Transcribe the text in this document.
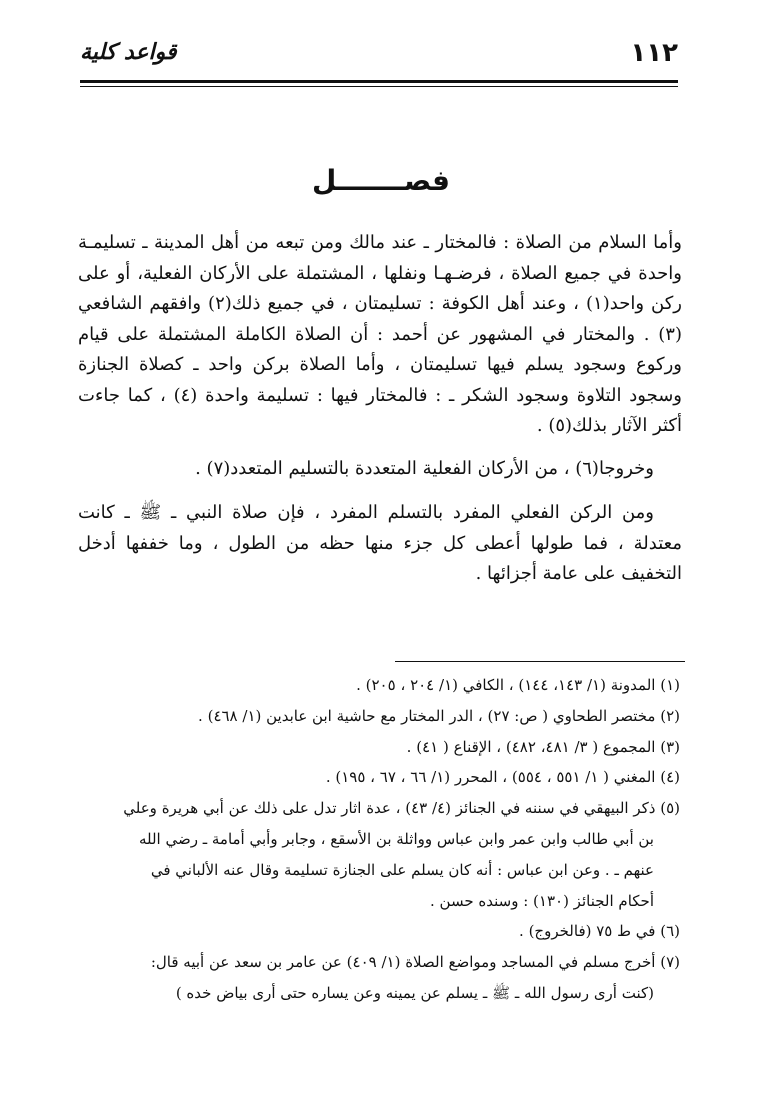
١١٢
قواعد كلية
فصـــــــل

وأما السلام من الصلاة : فالمختار ـ عند مالك ومن تبعه من أهل المدينة ـ تسليمـة واحدة في جميع الصلاة ، فرضـهـا ونفلها ، المشتملة على الأركان الفعلية، أو على ركن واحد(١) ، وعند أهل الكوفة : تسليمتان ، في جميع ذلك(٢) وافقهم الشافعي (٣) . والمختار في المشهور عن أحمد : أن الصلاة الكاملة المشتملة على قيام وركوع وسجود يسلم فيها تسليمتان ، وأما الصلاة بركن واحد ـ كصلاة الجنازة وسجود التلاوة وسجود الشكر ـ : فالمختار فيها : تسليمة واحدة (٤) ، كما جاءت أكثر الآثار بذلك(٥) .

وخروجا(٦) ، من الأركان الفعلية المتعددة بالتسليم المتعدد(٧) .

ومن الركن الفعلي المفرد بالتسلم المفرد ، فإن صلاة النبي ـ ﷺ ـ كانت معتدلة ، فما طولها أعطى كل جزء منها حظه من الطول ، وما خففها أدخل التخفيف على عامة أجزائها .

(١) المدونة (١/ ١٤٣، ١٤٤) ، الكافي (١/ ٢٠٤ ، ٢٠٥) .

(٢) مختصر الطحاوي ( ص: ٢٧) ، الدر المختار مع حاشية ابن عابدين (١/ ٤٦٨) .

(٣) المجموع ( ٣/ ٤٨١، ٤٨٢) ، الإقناع ( ٤١) .

(٤) المغني ( ١/ ٥٥١ ، ٥٥٤) ، المحرر (١/ ٦٦ ، ٦٧ ، ١٩٥) .

(٥) ذكر البيهقي في سننه في الجنائز (٤/ ٤٣) ، عدة اثار تدل على ذلك عن أبي هريرة وعلي

بن أبي طالب وابن عمر وابن عباس وواثلة بن الأسقع ، وجابر وأبي أمامة ـ رضي الله

عنهم ـ . وعن ابن عباس : أنه كان يسلم على الجنازة تسليمة وقال عنه الألباني في

أحكام الجنائز (١٣٠) : وسنده حسن .

(٦) في ط ٧٥ (فالخروج) .

(٧) أخرج مسلم في المساجد ومواضع الصلاة (١/ ٤٠٩) عن عامر بن سعد عن أبيه قال:

(كنت أرى رسول الله ـ ﷺ ـ يسلم عن يمينه وعن يساره حتى أرى بياض خده )
